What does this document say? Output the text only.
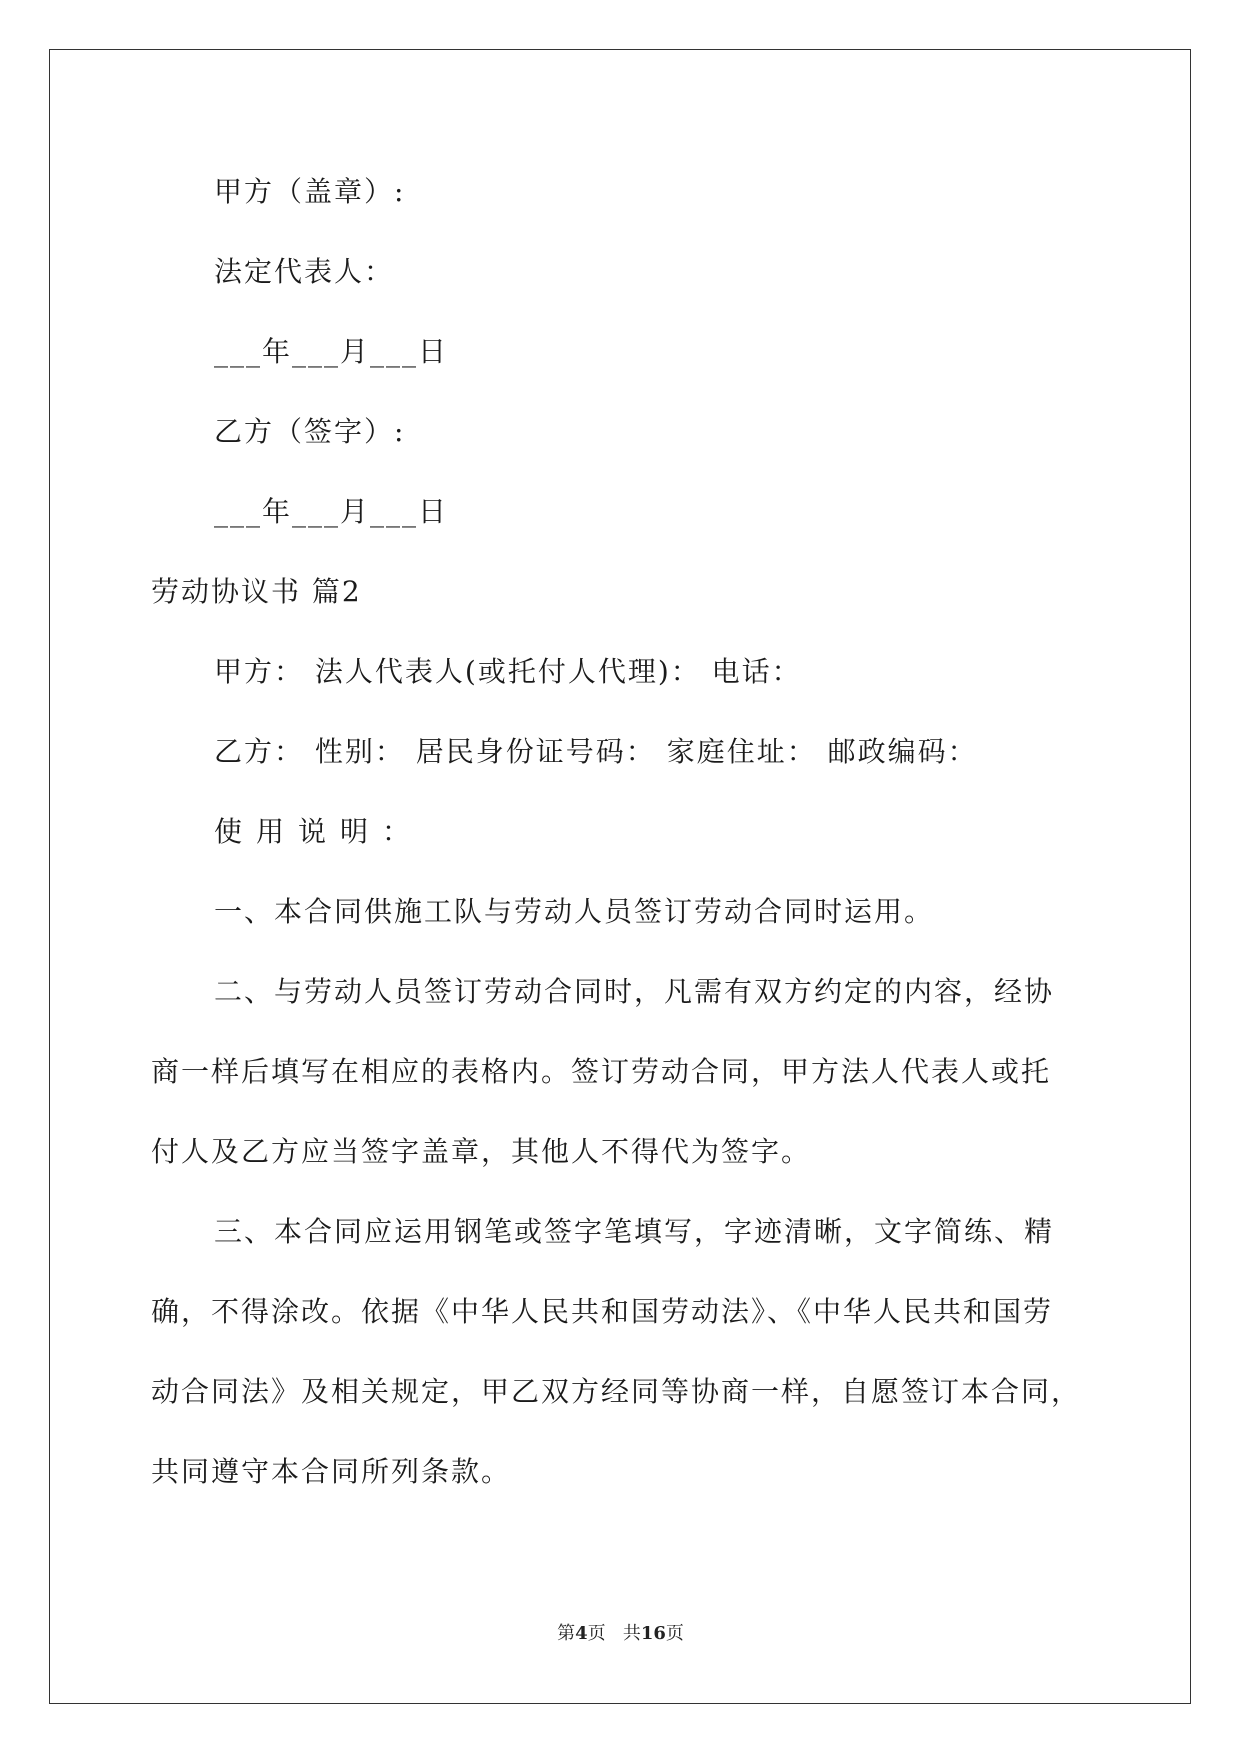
甲方（盖章）:
法定代表人：
___年___月___日
乙方（签字）:
___年___月___日
劳动协议书 篇2
甲方： 法人代表人(或托付人代理)： 电话：
乙方： 性别： 居民身份证号码： 家庭住址： 邮政编码：
使用说明：
一、本合同供施工队与劳动人员签订劳动合同时运用。
二、与劳动人员签订劳动合同时，凡需有双方约定的内容，经协
商一样后填写在相应的表格内。签订劳动合同，甲方法人代表人或托
付人及乙方应当签字盖章，其他人不得代为签字。
三、本合同应运用钢笔或签字笔填写，字迹清晰，文字简练、精
确，不得涂改。依据《中华人民共和国劳动法》、《中华人民共和国劳
动合同法》及相关规定，甲乙双方经同等协商一样，自愿签订本合同，
共同遵守本合同所列条款。
第4页 共16页
